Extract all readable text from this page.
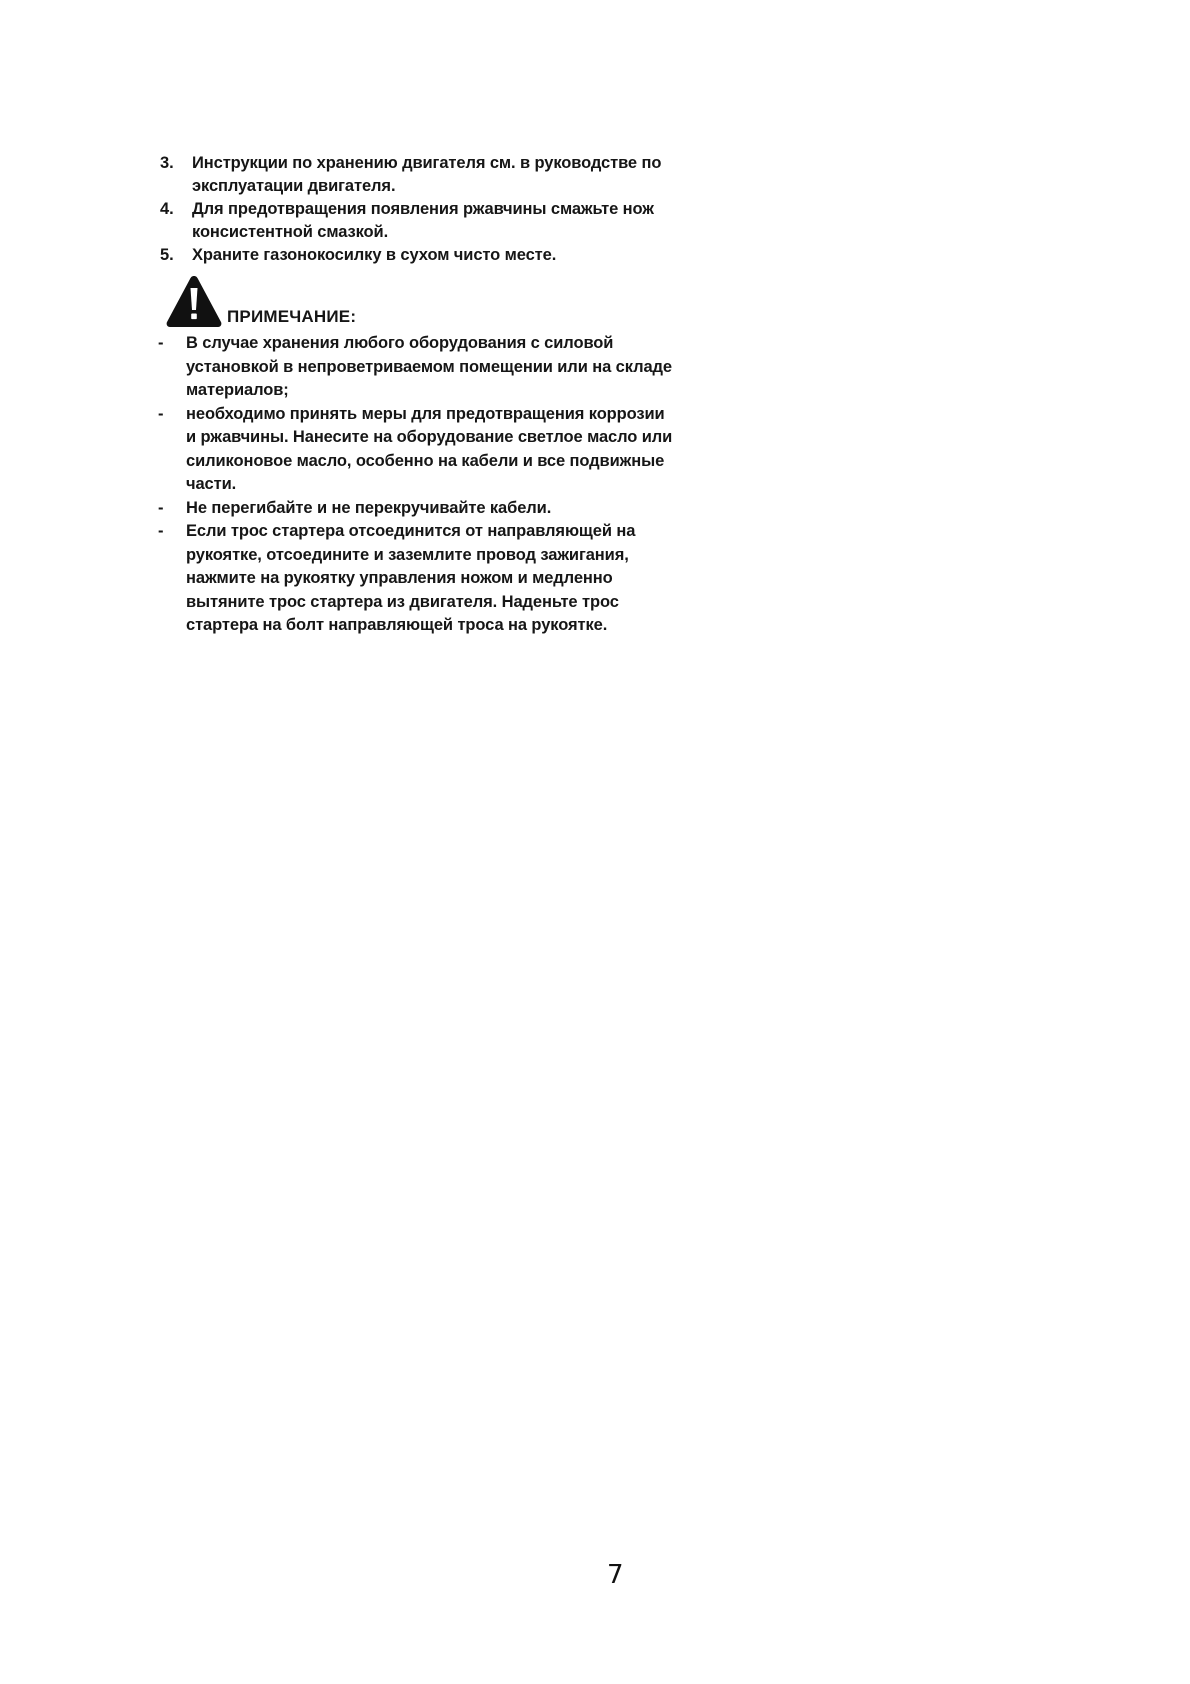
3.	Инструкции по хранению двигателя см. в руководстве по эксплуатации двигателя.
4.	Для предотвращения появления ржавчины смажьте нож консистентной смазкой.
5.	Храните газонокосилку в сухом чисто месте.
ПРИМЕЧАНИЕ:
-	В случае хранения любого оборудования с силовой установкой в непроветриваемом помещении или на складе материалов;
-	необходимо принять меры для предотвращения коррозии и ржавчины. Нанесите на оборудование светлое масло или силиконовое масло, особенно на кабели и все подвижные части.
-	Не перегибайте и не перекручивайте кабели.
-	Если трос стартера отсоединится от направляющей на рукоятке, отсоедините и заземлите провод зажигания, нажмите на рукоятку управления ножом и медленно вытяните трос стартера из двигателя. Наденьте трос стартера на болт направляющей троса на рукоятке.
7
